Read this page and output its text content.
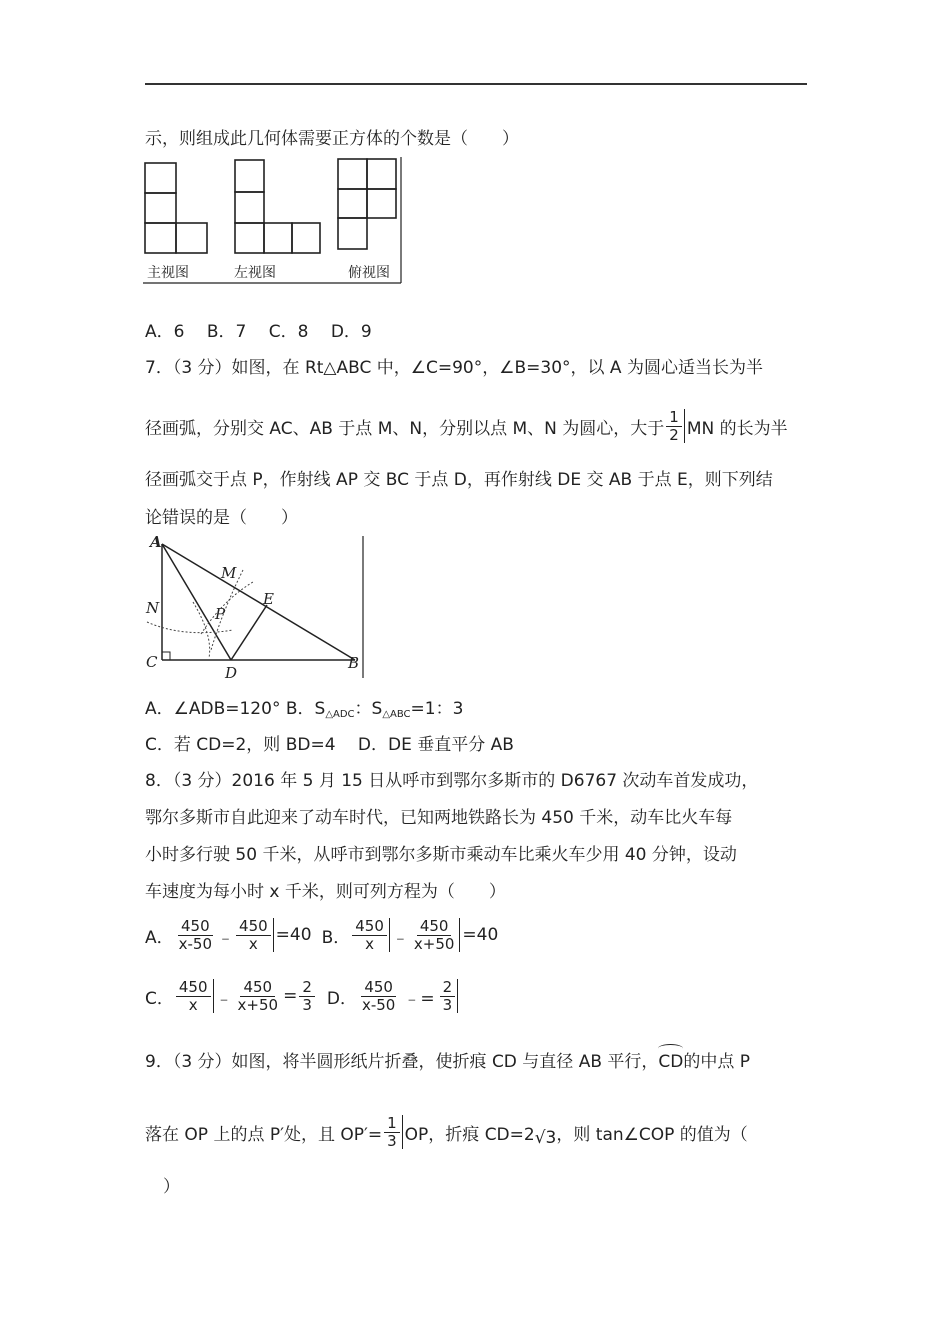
示，则组成此几何体需要正方体的个数是（　　）
主视图	左视图	俯视图
A．6　 B．7　 C．8　 D．9
7．（3 分）如图，在 Rt△ABC 中，∠C=90°，∠B=30°，以 A 为圆心适当长为半
径画弧，分别交 AC、AB 于点 M、N，分别以点 M、N 为圆心，大于 $\frac{1}{2}$ MN 的长为半
径画弧交于点 P，作射线 AP 交 BC 于点 D，再作射线 DE 交 AB 于点 E，则下列结
论错误的是（　　）
A
M
N	P
E
C
D
B
A．∠ADB=120° B．$S_{\triangle ADC}$：$S_{\triangle ABC}=1$：3
C．若 CD=2，则 BD=4　 D．DE 垂直平分 AB
8．（3 分）2016 年 5 月 15 日从呼市到鄂尔多斯市的 D6767 次动车首发成功，
鄂尔多斯市自此迎来了动车时代，已知两地铁路长为 450 千米，动车比火车每
小时多行驶 50 千米，从呼市到鄂尔多斯市乘动车比乘火车少用 40 分钟，设动
车速度为每小时 x 千米，则可列方程为（　　）
A． $\frac{450}{x-50}$ ﹣ $\frac{450}{x} =40$ B． $\frac{450}{x}$ ﹣ $\frac{450}{x+50} =40$
C． $\frac{450}{x}$ ﹣ $\frac{450}{x+50} = \frac{2}{3}$ D． $\frac{450}{x-50}$ ﹣= $\frac{2}{3}$
9．（3 分）如图，将半圆形纸片折叠，使折痕 CD 与直径 AB 平行，CD的中点 P
落在 OP 上的点 P′处，且 $OP'= \frac{1}{3}$ OP，折痕 CD=2 √3 ，则 tan∠COP 的值为（
）
